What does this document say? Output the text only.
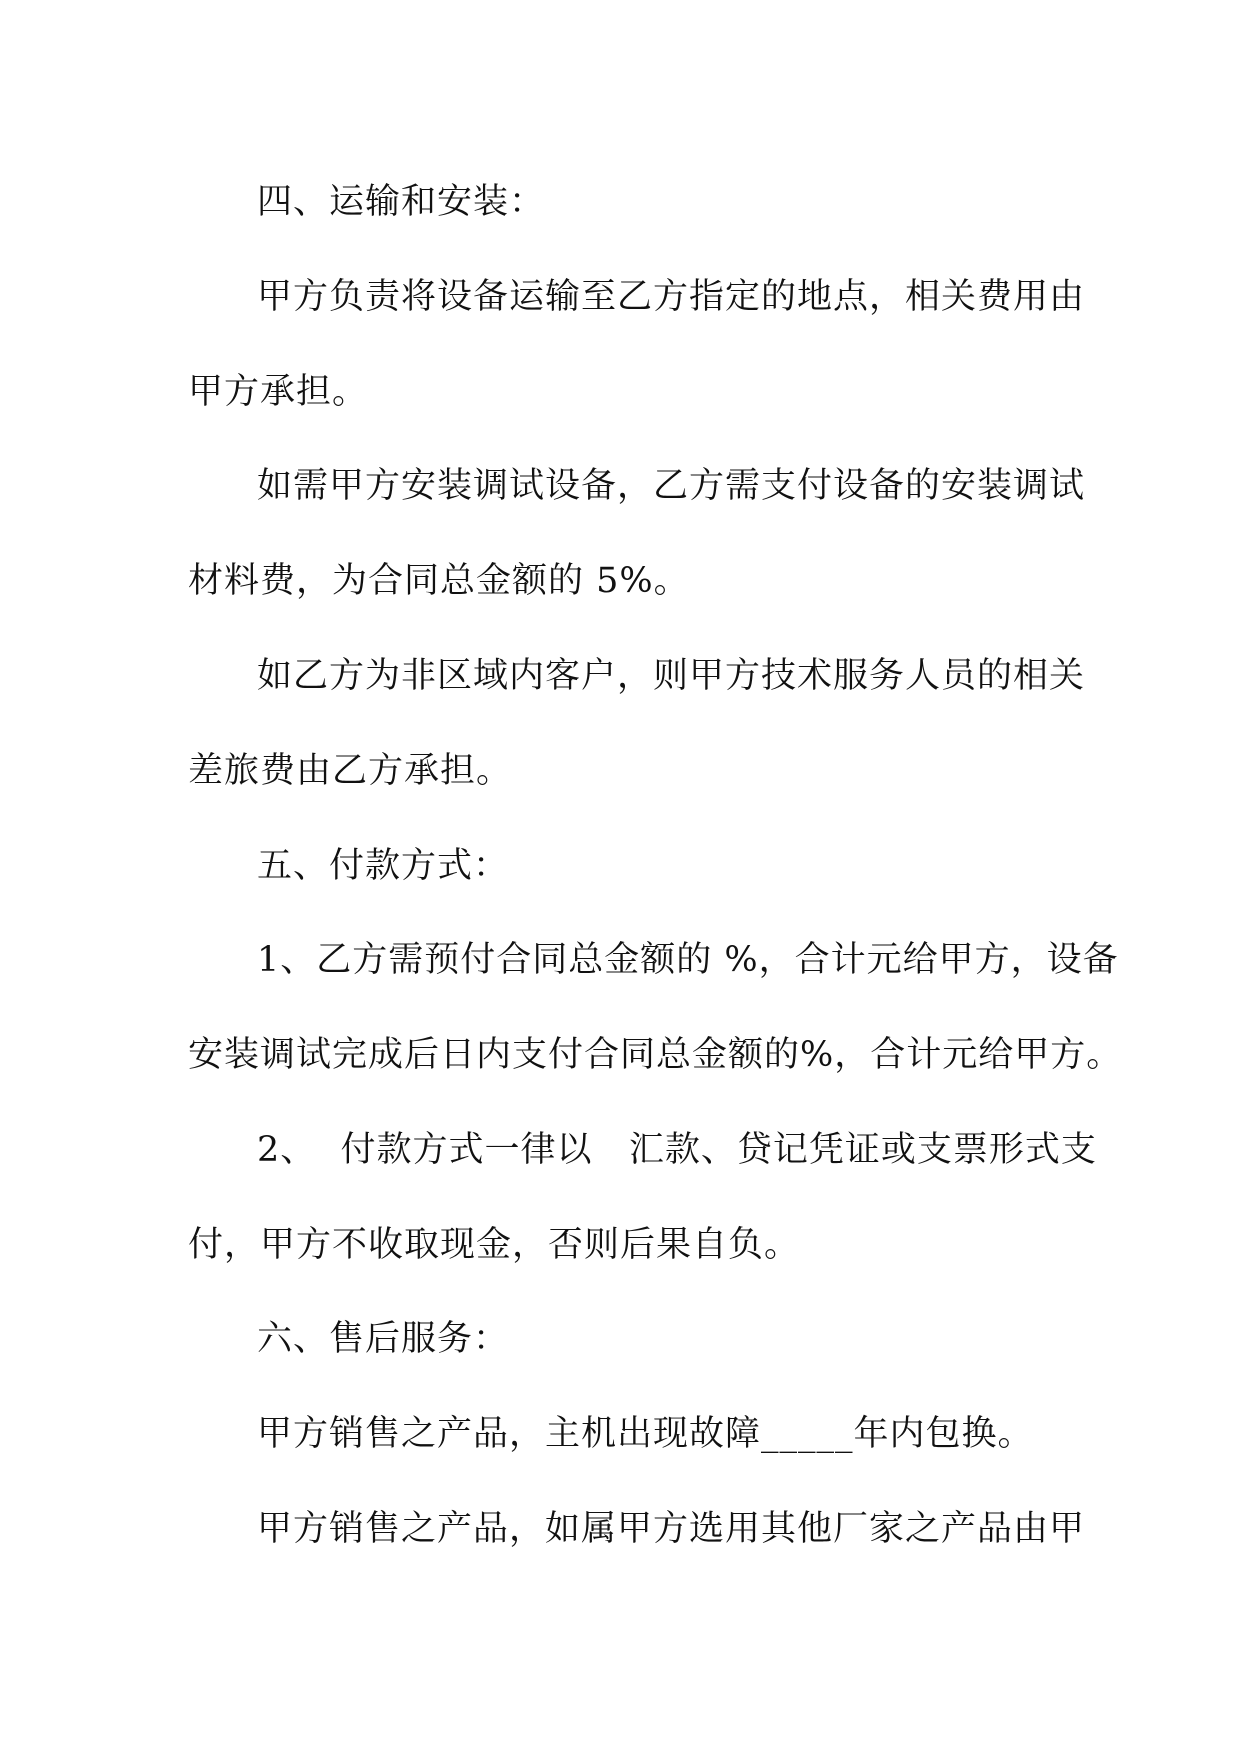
四、运输和安装：

甲方负责将设备运输至乙方指定的地点，相关费用由

甲方承担。

如需甲方安装调试设备，乙方需支付设备的安装调试

材料费，为合同总金额的 5%。

如乙方为非区域内客户，则甲方技术服务人员的相关

差旅费由乙方承担。

五、付款方式：

1、乙方需预付合同总金额的 %，合计元给甲方，设备

安装调试完成后日内支付合同总金额的%，合计元给甲方。

2、  付款方式一律以   汇款、贷记凭证或支票形式支

付，甲方不收取现金，否则后果自负。

六、售后服务：

甲方销售之产品，主机出现故障_____年内包换。

甲方销售之产品，如属甲方选用其他厂家之产品由甲
